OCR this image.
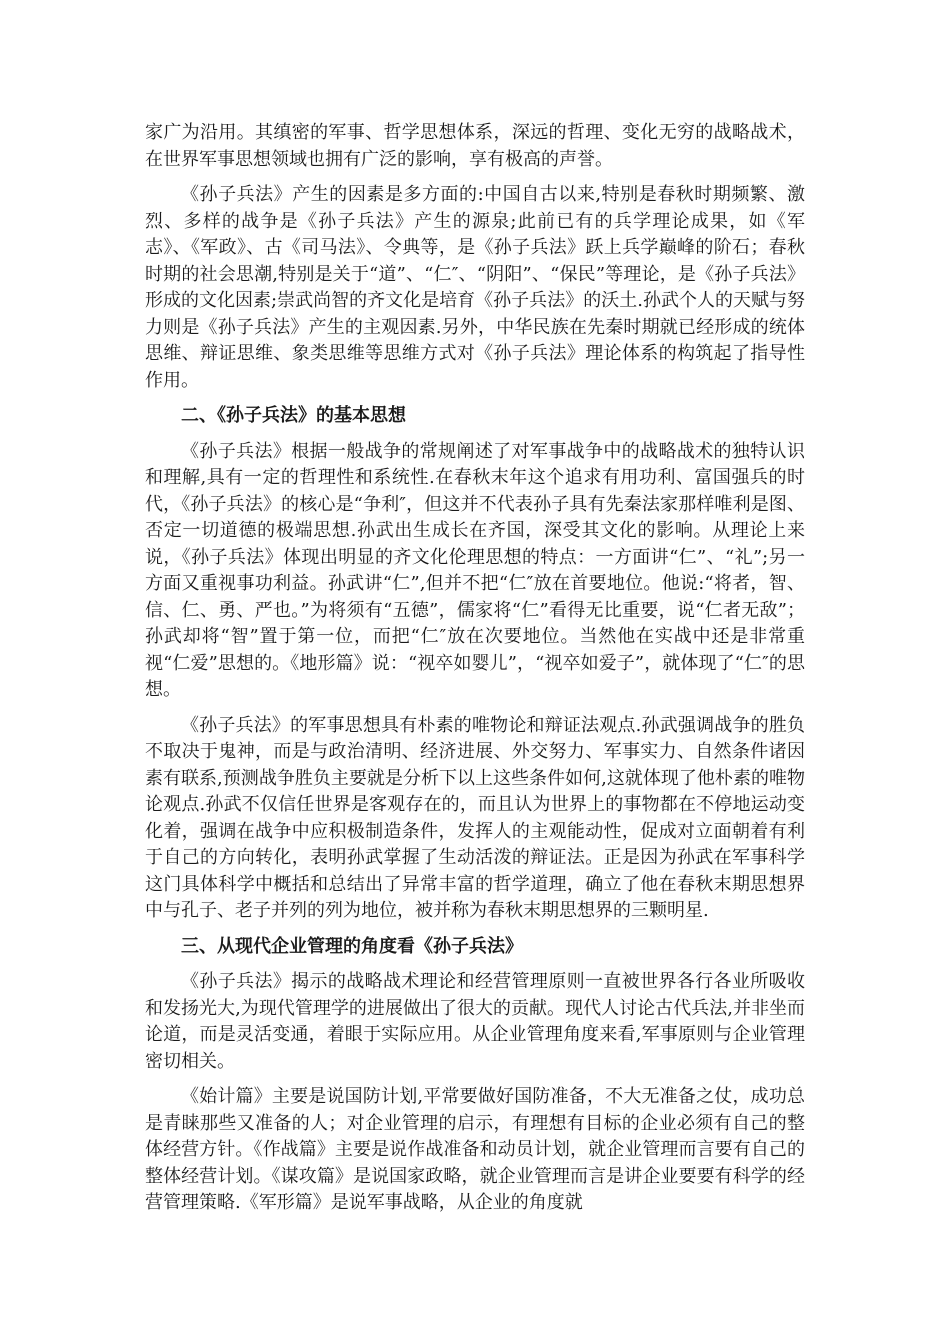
家广为沿用。其缜密的军事、哲学思想体系，深远的哲理、变化无穷的战略战术，在世界军事思想领域也拥有广泛的影响，享有极高的声誉。

《孙子兵法》产生的因素是多方面的:中国自古以来,特别是春秋时期频繁、激烈、多样的战争是《孙子兵法》产生的源泉;此前已有的兵学理论成果，如《军志》、《军政》、古《司马法》、令典等，是《孙子兵法》跃上兵学巅峰的阶石；春秋时期的社会思潮,特别是关于“道”、“仁″、“阴阳”、“保民”等理论，是《孙子兵法》形成的文化因素;崇武尚智的齐文化是培育《孙子兵法》的沃土.孙武个人的天赋与努力则是《孙子兵法》产生的主观因素.另外，中华民族在先秦时期就已经形成的统体思维、辩证思维、象类思维等思维方式对《孙子兵法》理论体系的构筑起了指导性作用。

二、《孙子兵法》的基本思想

《孙子兵法》根据一般战争的常规阐述了对军事战争中的战略战术的独特认识和理解,具有一定的哲理性和系统性.在春秋末年这个追求有用功利、富国强兵的时代，《孙子兵法》的核心是“争利″，但这并不代表孙子具有先秦法家那样唯利是图、否定一切道德的极端思想.孙武出生成长在齐国，深受其文化的影响。从理论上来说，《孙子兵法》体现出明显的齐文化伦理思想的特点：一方面讲“仁”、“礼”;另一方面又重视事功利益。孙武讲“仁”,但并不把“仁″放在首要地位。他说:“将者，智、信、仁、勇、严也。”为将须有“五德”，儒家将“仁”看得无比重要，说“仁者无敌”；孙武却将“智”置于第一位，而把“仁″放在次要地位。当然他在实战中还是非常重视“仁爱”思想的。《地形篇》说：“视卒如婴儿”，“视卒如爱子”，就体现了“仁″的思想。

《孙子兵法》的军事思想具有朴素的唯物论和辩证法观点.孙武强调战争的胜负不取决于鬼神，而是与政治清明、经济进展、外交努力、军事实力、自然条件诸因素有联系,预测战争胜负主要就是分析下以上这些条件如何,这就体现了他朴素的唯物论观点.孙武不仅信任世界是客观存在的，而且认为世界上的事物都在不停地运动变化着，强调在战争中应积极制造条件，发挥人的主观能动性，促成对立面朝着有利于自己的方向转化，表明孙武掌握了生动活泼的辩证法。正是因为孙武在军事科学这门具体科学中概括和总结出了异常丰富的哲学道理，确立了他在春秋末期思想界中与孔子、老子并列的列为地位，被并称为春秋末期思想界的三颗明星.

三、从现代企业管理的角度看《孙子兵法》

《孙子兵法》揭示的战略战术理论和经营管理原则一直被世界各行各业所吸收和发扬光大,为现代管理学的进展做出了很大的贡献。现代人讨论古代兵法,并非坐而论道，而是灵活变通，着眼于实际应用。从企业管理角度来看,军事原则与企业管理密切相关。

《始计篇》主要是说国防计划,平常要做好国防准备，不大无准备之仗，成功总是青睐那些又准备的人；对企业管理的启示，有理想有目标的企业必须有自己的整体经营方针。《作战篇》主要是说作战准备和动员计划，就企业管理而言要有自己的整体经营计划。《谋攻篇》是说国家政略，就企业管理而言是讲企业要要有科学的经营管理策略.《军形篇》是说军事战略，从企业的角度就
